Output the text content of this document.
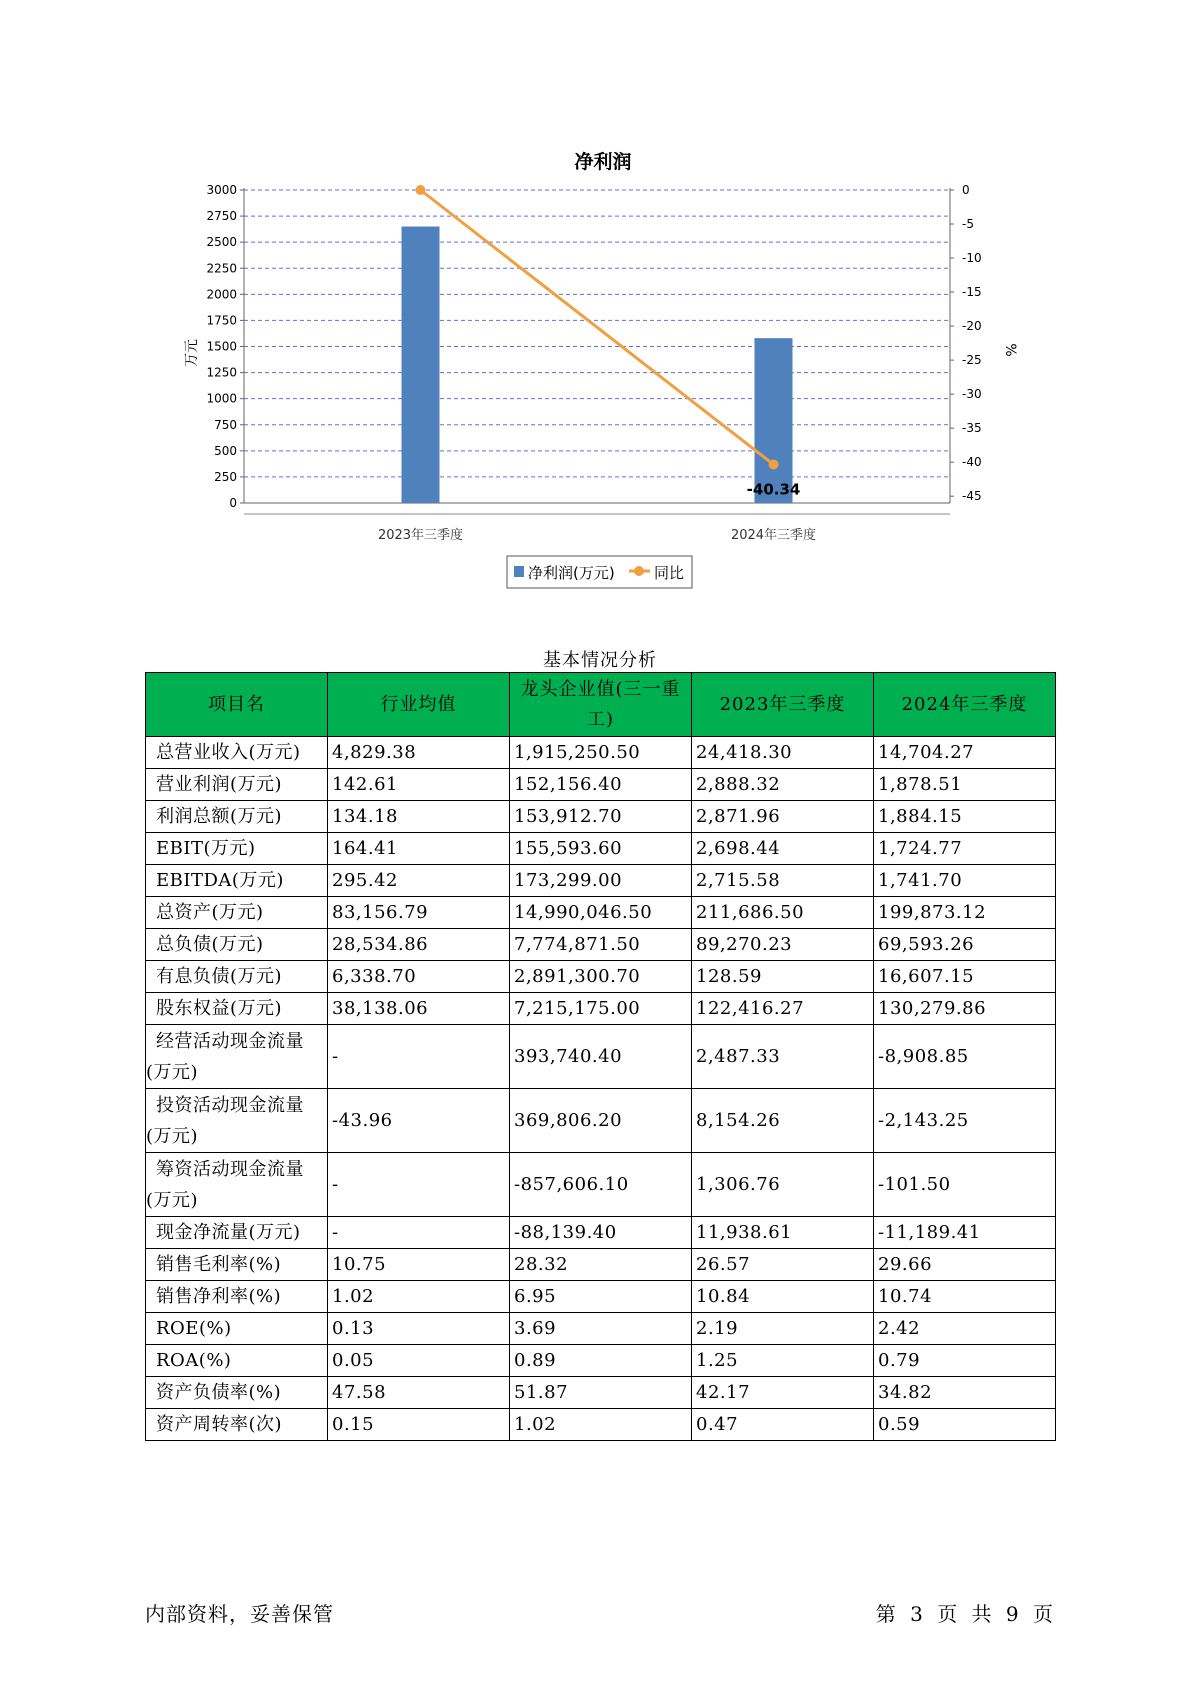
净利润
0
250
500
750
1000
1250
1500
1750
2000
2250
2500
2750
3000	0
-5
-10
-15
-20
-25
-30
-35
-40
-45
2023年三季度	2024年三季度
-40.34
万元	%
净利润(万元)	同比
基本情况分析
项目名	行业均值	龙头企业值(三一重工)	2023年三季度	2024年三季度
总营业收入(万元)	4,829.38	1,915,250.50	24,418.30	14,704.27
营业利润(万元)	142.61	152,156.40	2,888.32	1,878.51
利润总额(万元)	134.18	153,912.70	2,871.96	1,884.15
EBIT(万元)	164.41	155,593.60	2,698.44	1,724.77
EBITDA(万元)	295.42	173,299.00	2,715.58	1,741.70
总资产(万元)	83,156.79	14,990,046.50	211,686.50	199,873.12
总负债(万元)	28,534.86	7,774,871.50	89,270.23	69,593.26
有息负债(万元)	6,338.70	2,891,300.70	128.59	16,607.15
股东权益(万元)	38,138.06	7,215,175.00	122,416.27	130,279.86
经营活动现金流量(万元)	-	393,740.40	2,487.33	-8,908.85
投资活动现金流量(万元)	-43.96	369,806.20	8,154.26	-2,143.25
筹资活动现金流量(万元)	-	-857,606.10	1,306.76	-101.50
现金净流量(万元)	-	-88,139.40	11,938.61	-11,189.41
销售毛利率(%)	10.75	28.32	26.57	29.66
销售净利率(%)	1.02	6.95	10.84	10.74
ROE(%)	0.13	3.69	2.19	2.42
ROA(%)	0.05	0.89	1.25	0.79
资产负债率(%)	47.58	51.87	42.17	34.82
资产周转率(次)	0.15	1.02	0.47	0.59
内部资料，妥善保管	第 3 页 共 9 页
